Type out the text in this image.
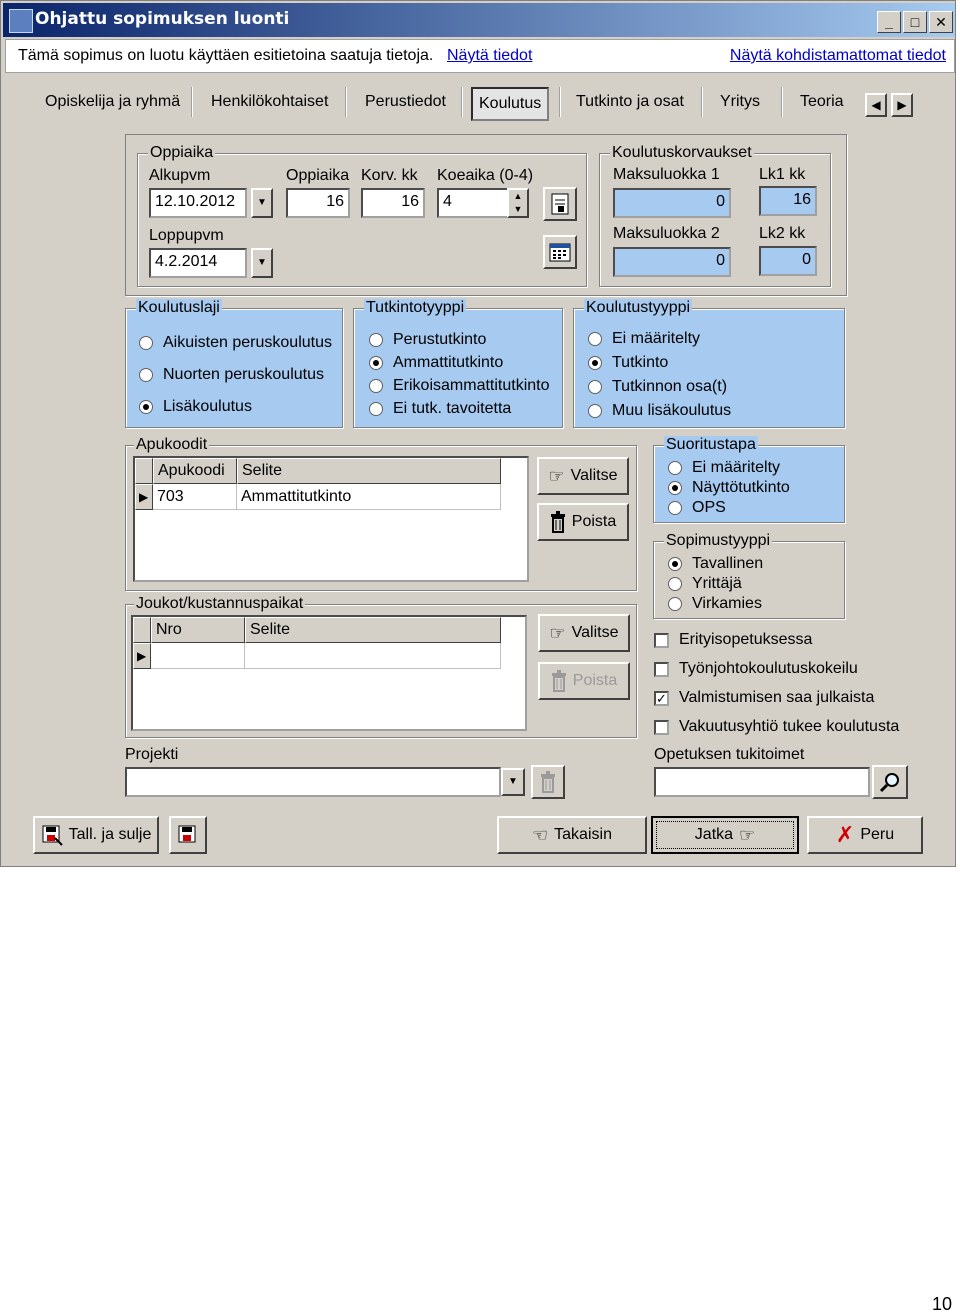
Ohjattu sopimuksen luonti	_	□	✕
Tämä sopimus on luotu käyttäen esitietoina saatuja tietoja. Näytä tiedot	Näytä kohdistamattomat tiedot
Opiskelija ja ryhmä	Henkilökohtaiset	Perustiedot	Koulutus	Tutkinto ja osat	Yritys	Teoria	◀	▶
Oppiaika
Alkupvm
12.10.2012	▼
Oppiaika
16
Korv. kk
16
Koeaika (0-4)
4	▲
▼
Loppupvm
4.2.2014	▼
Koulutuskorvaukset
Maksuluokka 1
0
Lk1 kk
16
Maksuluokka 2
0
Lk2 kk
0
Koulutuslaji
Aikuisten peruskoulutus
Nuorten peruskoulutus
Lisäkoulutus
Tutkintotyyppi
Perustutkinto
Ammattitutkinto
Erikoisammattitutkinto
Ei tutk. tavoitetta
Koulutustyyppi
Ei määritelty
Tutkinto
Tutkinnon osa(t)
Muu lisäkoulutus
Apukoodit
Apukoodi	Selite
▶ 703	Ammattitutkinto
☞ Valitse
Poista
Suoritustapa
Ei määritelty
Näyttötutkinto
OPS
Sopimustyyppi
Tavallinen
Yrittäjä
Virkamies
Joukot/kustannuspaikat
Nro	Selite
▶
☞ Valitse
Poista
Erityisopetuksessa
Työnjohtokoulutuskokeilu
✓ Valmistumisen saa julkaista
Vakuutusyhtiö tukee koulutusta
Projekti
▼
Opetuksen tukitoimet
Tall. ja sulje	☜ Takaisin	Jatka ☞	✗ Peru
10
